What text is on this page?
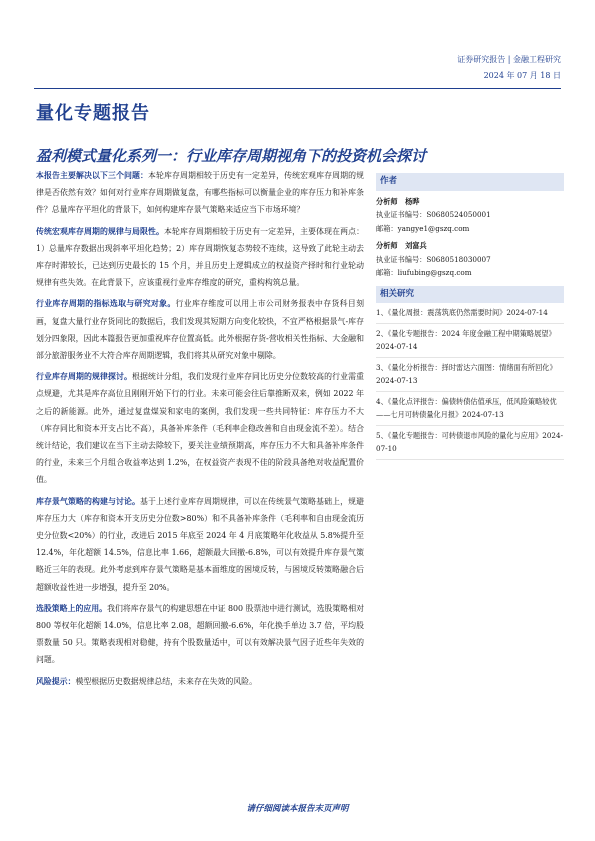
证券研究报告 | 金融工程研究
2024 年 07 月 18 日
量化专题报告
盈利模式量化系列一：行业库存周期视角下的投资机会探讨

本报告主要解决以下三个问题：本轮库存周期相较于历史有一定差异，传统宏观库存周期的规律是否依然有效？如何对行业库存周期做复盘，有哪些指标可以衡量企业的库存压力和补库条件？总量库存平坦化的背景下，如何构建库存景气策略来适应当下市场环境？

传统宏观库存周期的规律与局限性。本轮库存周期相较于历史有一定差异，主要体现在两点：1）总量库存数据出现斜率平坦化趋势；2）库存周期恢复态势较不连续，这导致了此轮主动去库存时滞较长，已达到历史最长的 15 个月，并且历史上逻辑成立的权益资产择时和行业轮动规律有些失效。在此背景下，应该重视行业库存维度的研究，重构构筑总量。

行业库存周期的指标选取与研究对象。行业库存维度可以用上市公司财务报表中存货科目刻画，复盘大量行业存货同比的数据后，我们发现其短期方向变化较快，不宜严格根据景气-库存划分四象限，因此本篇报告更加重视库存位置高低。此外根据存货-营收相关性指标、大金融和部分旅游服务业不大符合库存周期逻辑，我们将其从研究对象中剔除。

行业库存周期的规律探讨。根据统计分组，我们发现行业库存同比历史分位数较高的行业需重点规避，尤其是库存高位且刚刚开始下行的行业。未来可能会往后靠推断双来，例如 2022 年之后的新能源。此外，通过复盘煤炭和家电的案例，我们发现一些共同特征：库存压力不大（库存同比和资本开支占比不高），具备补库条件（毛利率企稳改善和自由现金流不差）。结合统计结论，我们建议在当下主动去除较下，要关注业绩预期高，库存压力不大和具备补库条件的行业，未来三个月组合收益率达到 1.2%，在权益资产表现不佳的阶段具备绝对收益配置价值。

库存景气策略的构建与讨论。基于上述行业库存周期规律，可以在传统景气策略基础上，规避库存压力大（库存和资本开支历史分位数>80%）和不具备补库条件（毛利率和自由现金流历史分位数<20%）的行业，改进后 2015 年底至 2024 年 4 月底策略年化收益从 5.8%提升至 12.4%，年化超额 14.5%，信息比率 1.66，超额最大回撤-6.8%，可以有效提升库存景气策略近三年的表现。此外考虑到库存景气策略是基本面维度的困境反转，与困境反转策略融合后超额收益性进一步增强，提升至 20%。

选股策略上的应用。我们将库存景气的构建思想在中证 800 股票池中进行测试，选股策略相对 800 等权年化超额 14.0%，信息比率 2.08，超额回撤-6.6%，年化换手单边 3.7 倍，平均股票数量 50 只。策略表现相对稳健，持有个股数量适中，可以有效解决景气因子近些年失效的问题。

风险提示：模型根据历史数据规律总结，未来存在失效的风险。

作者
分析师 杨晔
执业证书编号：S0680524050001
邮箱：yangye1@gszq.com
分析师 刘富兵
执业证书编号：S0680518030007
邮箱：liufubing@gszq.com
相关研究
1、《量化周报：震荡筑底仍然需要时间》2024-07-14
2、《量化专题报告：2024 年度金融工程中期策略展望》2024-07-14
3、《量化分析报告：择时雷达六面图：情绪面有所回化》2024-07-13
4、《量化点评报告：偏债转债估值承压，低风险策略较优——七月可转债量化月报》2024-07-13
5、《量化专题报告：可转债退市风险的量化与应用》2024-07-10
请仔细阅读本报告末页声明
